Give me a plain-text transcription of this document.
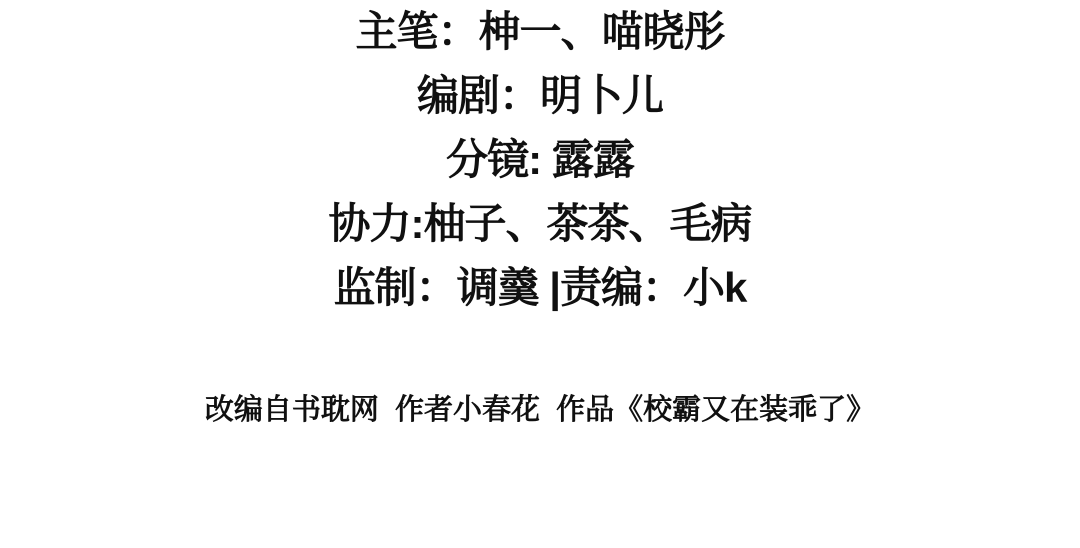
主笔：柛一、喵晓彤
编剧：明卜儿
分镜: 露露
协力:柚子、茶茶、毛病
监制：调羹 |责编：小k
改编自书耽网  作者小春花  作品《校霸又在装乖了》
